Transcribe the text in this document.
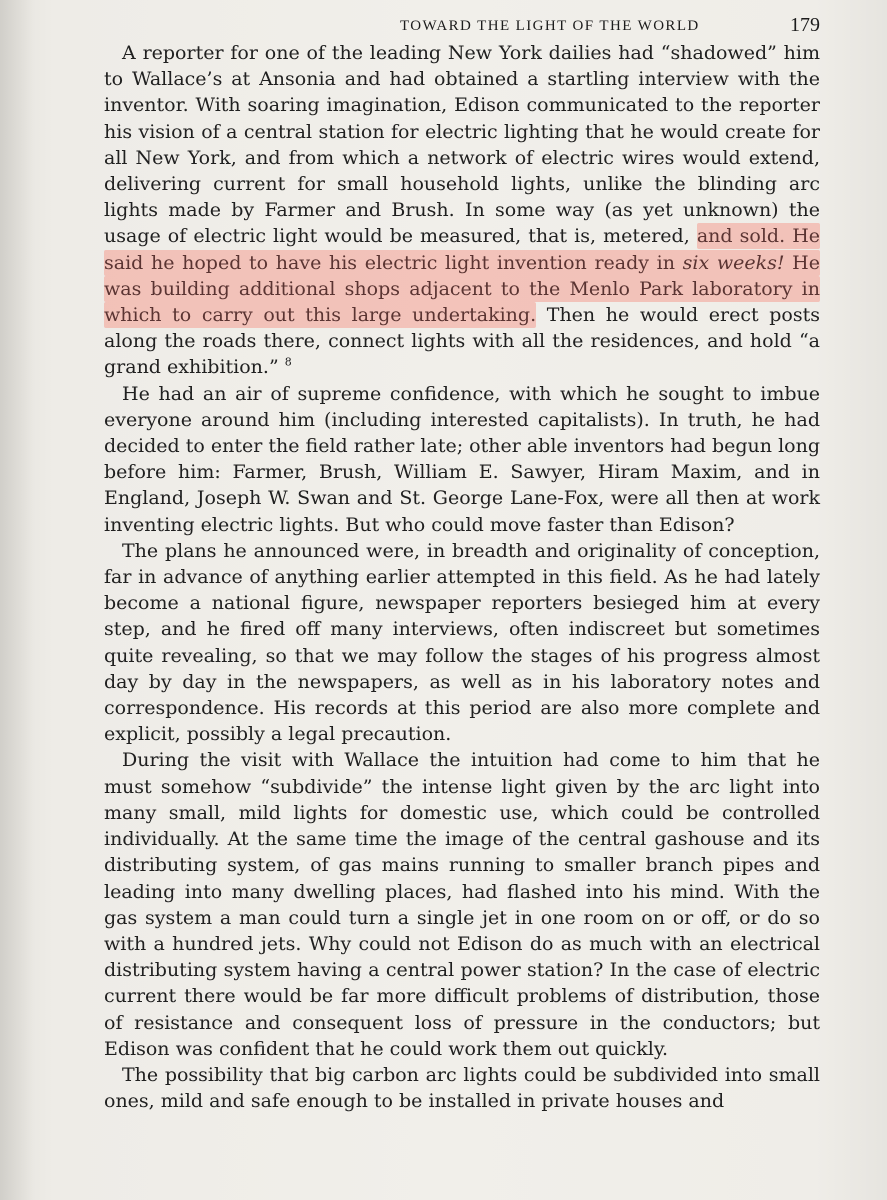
TOWARD THE LIGHT OF THE WORLD	179

A reporter for one of the leading New York dailies had “shadowed” him to Wallace’s at Ansonia and had obtained a startling interview with the inventor. With soaring imagination, Edison communicated to the reporter his vision of a central station for electric lighting that he would create for all New York, and from which a network of electric wires would extend, delivering current for small household lights, unlike the blinding arc lights made by Farmer and Brush. In some way (as yet unknown) the usage of electric light would be measured, that is, metered, and sold. He said he hoped to have his electric light invention ready in six weeks! He was building additional shops adjacent to the Menlo Park laboratory in which to carry out this large undertaking. Then he would erect posts along the roads there, connect lights with all the residences, and hold “a grand exhibition.” $^8$

He had an air of supreme confidence, with which he sought to imbue everyone around him (including interested capitalists). In truth, he had decided to enter the field rather late; other able inventors had begun long before him: Farmer, Brush, William E. Sawyer, Hiram Maxim, and in England, Joseph W. Swan and St. George Lane-Fox, were all then at work inventing electric lights. But who could move faster than Edison?

The plans he announced were, in breadth and originality of conception, far in advance of anything earlier attempted in this field. As he had lately become a national figure, newspaper reporters besieged him at every step, and he fired off many interviews, often indiscreet but sometimes quite revealing, so that we may follow the stages of his progress almost day by day in the newspapers, as well as in his laboratory notes and correspondence. His records at this period are also more complete and explicit, possibly a legal precaution.

During the visit with Wallace the intuition had come to him that he must somehow “subdivide” the intense light given by the arc light into many small, mild lights for domestic use, which could be controlled individually. At the same time the image of the central gashouse and its distributing system, of gas mains running to smaller branch pipes and leading into many dwelling places, had flashed into his mind. With the gas system a man could turn a single jet in one room on or off, or do so with a hundred jets. Why could not Edison do as much with an electrical distributing system having a central power station? In the case of electric current there would be far more difficult problems of distribution, those of resistance and consequent loss of pressure in the conductors; but Edison was confident that he could work them out quickly.

The possibility that big carbon arc lights could be subdivided into small ones, mild and safe enough to be installed in private houses and
